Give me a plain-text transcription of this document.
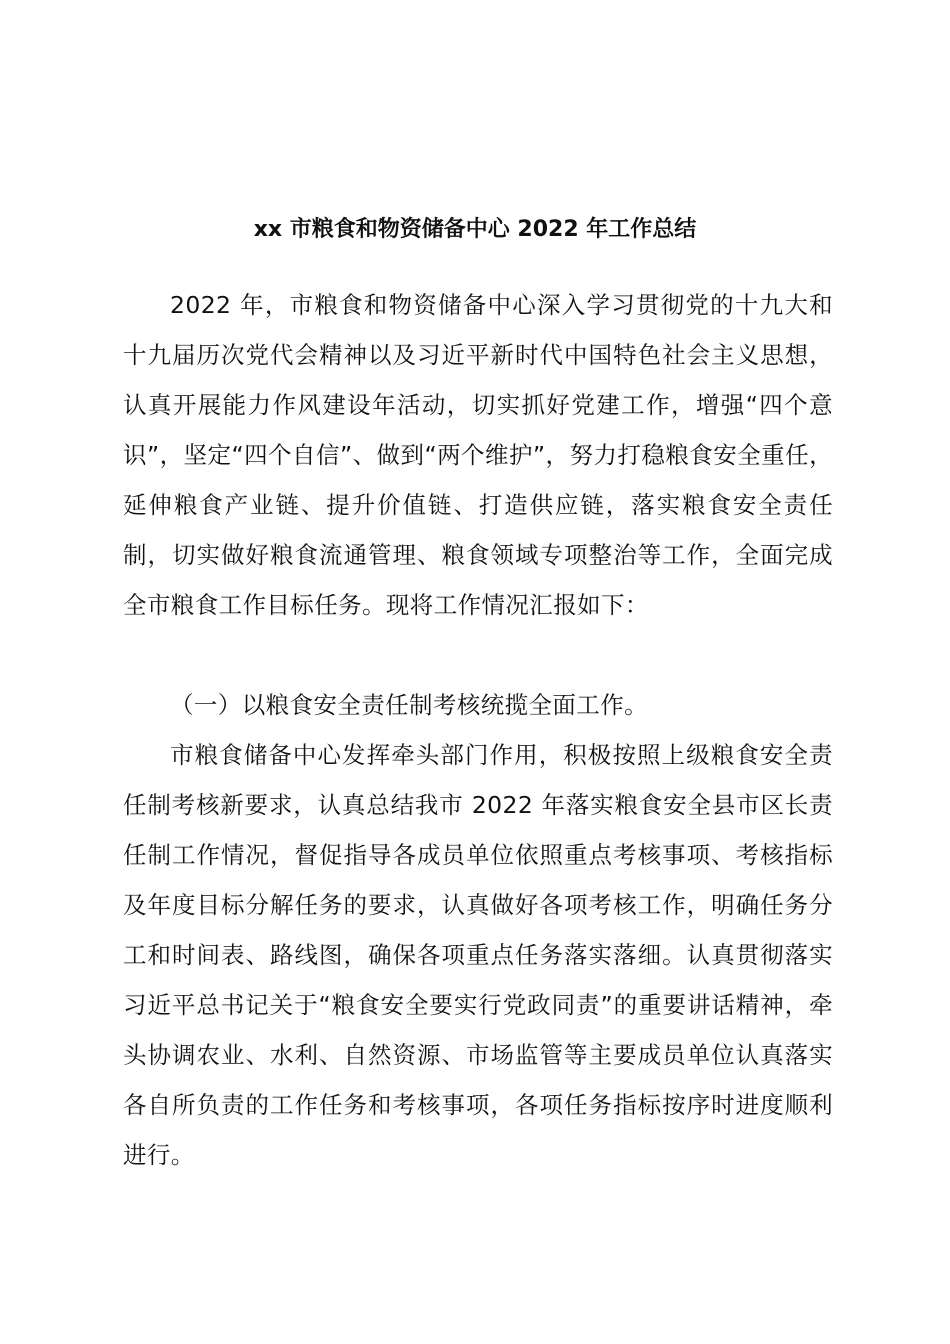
xx 市粮食和物资储备中心 2022 年工作总结

2022 年，市粮食和物资储备中心深入学习贯彻党的十九大和十九届历次党代会精神以及习近平新时代中国特色社会主义思想，认真开展能力作风建设年活动，切实抓好党建工作，增强“四个意识”，坚定“四个自信”、做到“两个维护”，努力打稳粮食安全重任，延伸粮食产业链、提升价值链、打造供应链，落实粮食安全责任制，切实做好粮食流通管理、粮食领域专项整治等工作，全面完成全市粮食工作目标任务。现将工作情况汇报如下：

（一）以粮食安全责任制考核统揽全面工作。

市粮食储备中心发挥牵头部门作用，积极按照上级粮食安全责任制考核新要求，认真总结我市 2022 年落实粮食安全县市区长责任制工作情况，督促指导各成员单位依照重点考核事项、考核指标及年度目标分解任务的要求，认真做好各项考核工作，明确任务分工和时间表、路线图，确保各项重点任务落实落细。认真贯彻落实习近平总书记关于“粮食安全要实行党政同责”的重要讲话精神，牵头协调农业、水利、自然资源、市场监管等主要成员单位认真落实各自所负责的工作任务和考核事项，各项任务指标按序时进度顺利进行。
